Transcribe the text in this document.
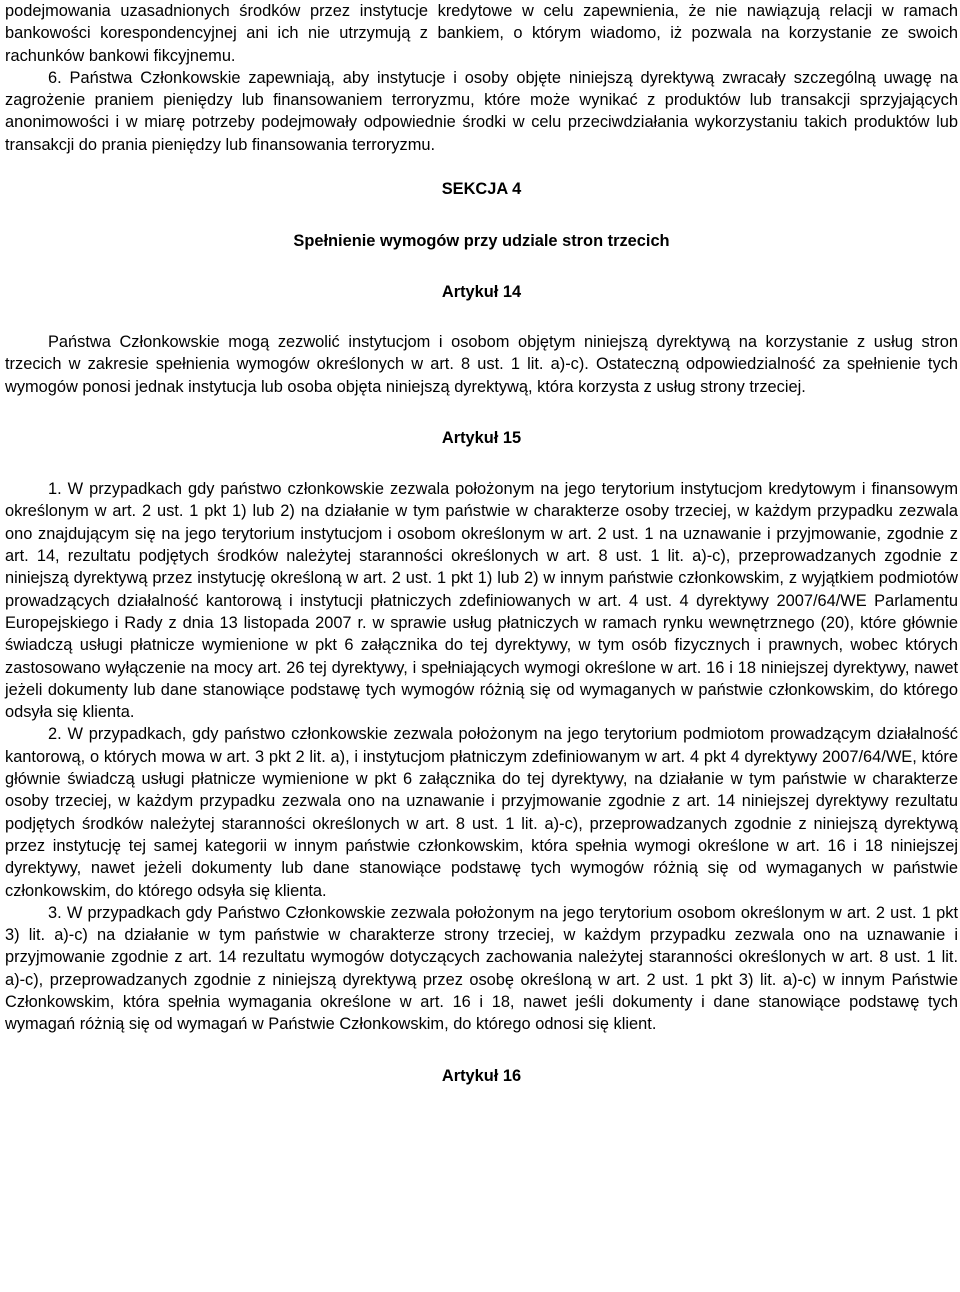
podejmowania uzasadnionych środków przez instytucje kredytowe w celu zapewnienia, że nie nawiązują relacji w ramach bankowości korespondencyjnej ani ich nie utrzymują z bankiem, o którym wiadomo, iż pozwala na korzystanie ze swoich rachunków bankowi fikcyjnemu.

6. Państwa Członkowskie zapewniają, aby instytucje i osoby objęte niniejszą dyrektywą zwracały szczególną uwagę na zagrożenie praniem pieniędzy lub finansowaniem terroryzmu, które może wynikać z produktów lub transakcji sprzyjających anonimowości i w miarę potrzeby podejmowały odpowiednie środki w celu przeciwdziałania wykorzystaniu takich produktów lub transakcji do prania pieniędzy lub finansowania terroryzmu.

SEKCJA 4

Spełnienie wymogów przy udziale stron trzecich

Artykuł 14

Państwa Członkowskie mogą zezwolić instytucjom i osobom objętym niniejszą dyrektywą na korzystanie z usług stron trzecich w zakresie spełnienia wymogów określonych w art. 8 ust. 1 lit. a)-c). Ostateczną odpowiedzialność za spełnienie tych wymogów ponosi jednak instytucja lub osoba objęta niniejszą dyrektywą, która korzysta z usług strony trzeciej.

Artykuł 15

1. W przypadkach gdy państwo członkowskie zezwala położonym na jego terytorium instytucjom kredytowym i finansowym określonym w art. 2 ust. 1 pkt 1) lub 2) na działanie w tym państwie w charakterze osoby trzeciej, w każdym przypadku zezwala ono znajdującym się na jego terytorium instytucjom i osobom określonym w art. 2 ust. 1 na uznawanie i przyjmowanie, zgodnie z art. 14, rezultatu podjętych środków należytej staranności określonych w art. 8 ust. 1 lit. a)-c), przeprowadzanych zgodnie z niniejszą dyrektywą przez instytucję określoną w art. 2 ust. 1 pkt 1) lub 2) w innym państwie członkowskim, z wyjątkiem podmiotów prowadzących działalność kantorową i instytucji płatniczych zdefiniowanych w art. 4 ust. 4 dyrektywy 2007/64/WE Parlamentu Europejskiego i Rady z dnia 13 listopada 2007 r. w sprawie usług płatniczych w ramach rynku wewnętrznego (20), które głównie świadczą usługi płatnicze wymienione w pkt 6 załącznika do tej dyrektywy, w tym osób fizycznych i prawnych, wobec których zastosowano wyłączenie na mocy art. 26 tej dyrektywy, i spełniających wymogi określone w art. 16 i 18 niniejszej dyrektywy, nawet jeżeli dokumenty lub dane stanowiące podstawę tych wymogów różnią się od wymaganych w państwie członkowskim, do którego odsyła się klienta.

2. W przypadkach, gdy państwo członkowskie zezwala położonym na jego terytorium podmiotom prowadzącym działalność kantorową, o których mowa w art. 3 pkt 2 lit. a), i instytucjom płatniczym zdefiniowanym w art. 4 pkt 4 dyrektywy 2007/64/WE, które głównie świadczą usługi płatnicze wymienione w pkt 6 załącznika do tej dyrektywy, na działanie w tym państwie w charakterze osoby trzeciej, w każdym przypadku zezwala ono na uznawanie i przyjmowanie zgodnie z art. 14 niniejszej dyrektywy rezultatu podjętych środków należytej staranności określonych w art. 8 ust. 1 lit. a)-c), przeprowadzanych zgodnie z niniejszą dyrektywą przez instytucję tej samej kategorii w innym państwie członkowskim, która spełnia wymogi określone w art. 16 i 18 niniejszej dyrektywy, nawet jeżeli dokumenty lub dane stanowiące podstawę tych wymogów różnią się od wymaganych w państwie członkowskim, do którego odsyła się klienta.

3. W przypadkach gdy Państwo Członkowskie zezwala położonym na jego terytorium osobom określonym w art. 2 ust. 1 pkt 3) lit. a)-c) na działanie w tym państwie w charakterze strony trzeciej, w każdym przypadku zezwala ono na uznawanie i przyjmowanie zgodnie z art. 14 rezultatu wymogów dotyczących zachowania należytej staranności określonych w art. 8 ust. 1 lit. a)-c), przeprowadzanych zgodnie z niniejszą dyrektywą przez osobę określoną w art. 2 ust. 1 pkt 3) lit. a)-c) w innym Państwie Członkowskim, która spełnia wymagania określone w art. 16 i 18, nawet jeśli dokumenty i dane stanowiące podstawę tych wymagań różnią się od wymagań w Państwie Członkowskim, do którego odnosi się klient.

Artykuł 16
